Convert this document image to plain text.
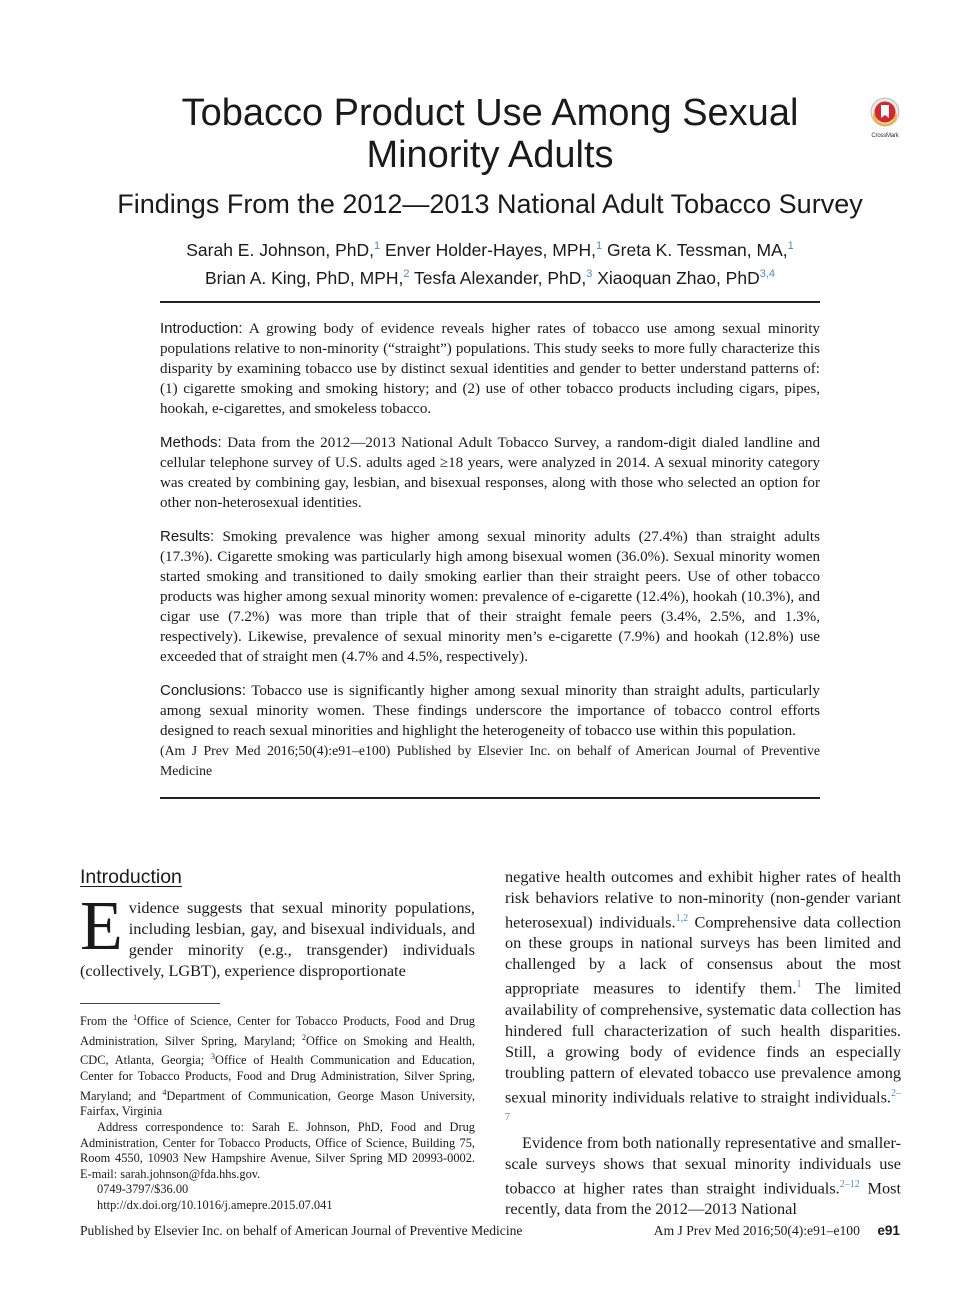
Tobacco Product Use Among Sexual
Minority Adults
Findings From the 2012—2013 National Adult Tobacco Survey
Sarah E. Johnson, PhD,$^1$ Enver Holder-Hayes, MPH,$^1$ Greta K. Tessman, MA,$^1$
Brian A. King, PhD, MPH,$^2$ Tesfa Alexander, PhD,$^3$ Xiaoquan Zhao, PhD$^{3,4}$
CrossMark

Introduction: A growing body of evidence reveals higher rates of tobacco use among sexual minority populations relative to non-minority (“straight”) populations. This study seeks to more fully characterize this disparity by examining tobacco use by distinct sexual identities and gender to better understand patterns of: (1) cigarette smoking and smoking history; and (2) use of other tobacco products including cigars, pipes, hookah, e-cigarettes, and smokeless tobacco.

Methods: Data from the 2012—2013 National Adult Tobacco Survey, a random-digit dialed landline and cellular telephone survey of U.S. adults aged ≥18 years, were analyzed in 2014. A sexual minority category was created by combining gay, lesbian, and bisexual responses, along with those who selected an option for other non-heterosexual identities.

Results: Smoking prevalence was higher among sexual minority adults (27.4%) than straight adults (17.3%). Cigarette smoking was particularly high among bisexual women (36.0%). Sexual minority women started smoking and transitioned to daily smoking earlier than their straight peers. Use of other tobacco products was higher among sexual minority women: prevalence of e-cigarette (12.4%), hookah (10.3%), and cigar use (7.2%) was more than triple that of their straight female peers (3.4%, 2.5%, and 1.3%, respectively). Likewise, prevalence of sexual minority men’s e-cigarette (7.9%) and hookah (12.8%) use exceeded that of straight men (4.7% and 4.5%, respectively).

Conclusions: Tobacco use is significantly higher among sexual minority than straight adults, particularly among sexual minority women. These findings underscore the importance of tobacco control efforts designed to reach sexual minorities and highlight the heterogeneity of tobacco use within this population.
(Am J Prev Med 2016;50(4):e91–e100) Published by Elsevier Inc. on behalf of American Journal of Preventive Medicine

Introduction

Evidence suggests that sexual minority populations, including lesbian, gay, and bisexual individuals, and gender minority (e.g., transgender) individuals (collectively, LGBT), experience disproportionate

From the $^1$Office of Science, Center for Tobacco Products, Food and Drug Administration, Silver Spring, Maryland; $^2$Office on Smoking and Health, CDC, Atlanta, Georgia; $^3$Office of Health Communication and Education, Center for Tobacco Products, Food and Drug Administration, Silver Spring, Maryland; and $^4$Department of Communication, George Mason University, Fairfax, Virginia

Address correspondence to: Sarah E. Johnson, PhD, Food and Drug Administration, Center for Tobacco Products, Office of Science, Building 75, Room 4550, 10903 New Hampshire Avenue, Silver Spring MD 20993-0002. E-mail: sarah.johnson@fda.hhs.gov.

0749-3797/$36.00

http://dx.doi.org/10.1016/j.amepre.2015.07.041

negative health outcomes and exhibit higher rates of health risk behaviors relative to non-minority (non-gender variant heterosexual) individuals.$^{1,2}$ Comprehensive data collection on these groups in national surveys has been limited and challenged by a lack of consensus about the most appropriate measures to identify them.$^1$ The limited availability of comprehensive, systematic data collection has hindered full characterization of such health disparities. Still, a growing body of evidence finds an especially troubling pattern of elevated tobacco use prevalence among sexual minority individuals relative to straight individuals.$^{2-7}$

Evidence from both nationally representative and smaller-scale surveys shows that sexual minority individuals use tobacco at higher rates than straight individuals.$^{2-12}$ Most recently, data from the 2012—2013 National

Published by Elsevier Inc. on behalf of American Journal of Preventive Medicine	Am J Prev Med 2016;50(4):e91–e100 e91
